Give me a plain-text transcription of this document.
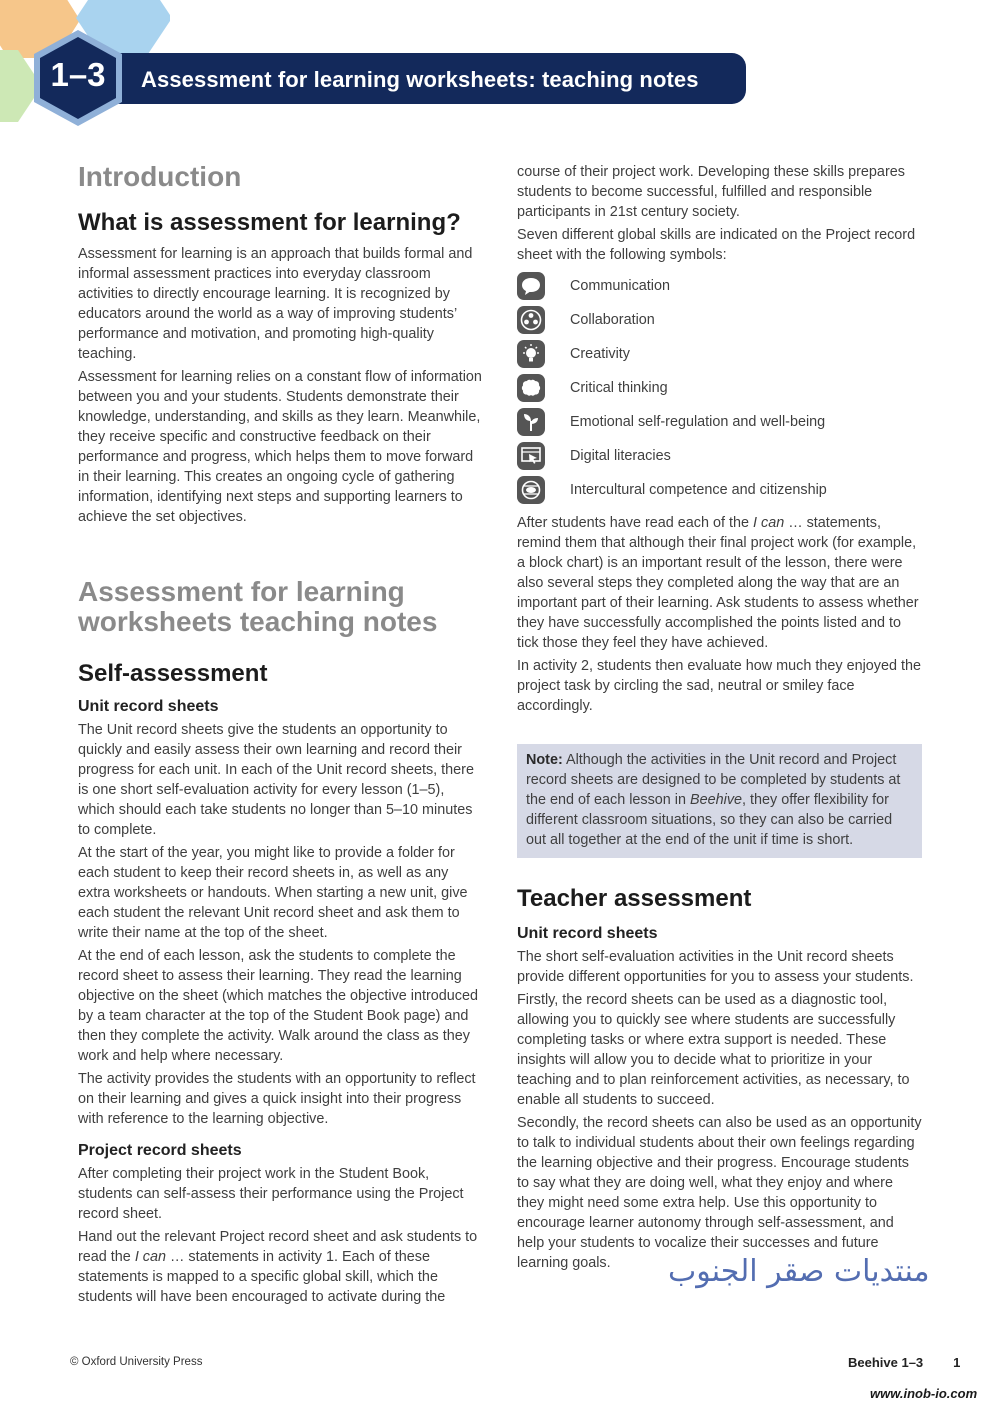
Assessment for learning worksheets: teaching notes
1–3
Introduction
What is assessment for learning?

Assessment for learning is an approach that builds formal and informal assessment practices into everyday classroom activities to directly encourage learning. It is recognized by educators around the world as a way of improving students’ performance and motivation, and promoting high-quality teaching.

Assessment for learning relies on a constant flow of information between you and your students. Students demonstrate their knowledge, understanding, and skills as they learn. Meanwhile, they receive specific and constructive feedback on their performance and progress, which helps them to move forward in their learning. This creates an ongoing cycle of gathering information, identifying next steps and supporting learners to achieve the set objectives.

Assessment for learning worksheets teaching notes
Self-assessment
Unit record sheets

The Unit record sheets give the students an opportunity to quickly and easily assess their own learning and record their progress for each unit. In each of the Unit record sheets, there is one short self-evaluation activity for every lesson (1–5), which should each take students no longer than 5–10 minutes to complete.

At the start of the year, you might like to provide a folder for each student to keep their record sheets in, as well as any extra worksheets or handouts. When starting a new unit, give each student the relevant Unit record sheet and ask them to write their name at the top of the sheet.

At the end of each lesson, ask the students to complete the record sheet to assess their learning. They read the learning objective on the sheet (which matches the objective introduced by a team character at the top of the Student Book page) and then they complete the activity. Walk around the class as they work and help where necessary.

The activity provides the students with an opportunity to reflect on their learning and gives a quick insight into their progress with reference to the learning objective.

Project record sheets

After completing their project work in the Student Book, students can self-assess their performance using the Project record sheet.

Hand out the relevant Project record sheet and ask students to read the I can … statements in activity 1. Each of these statements is mapped to a specific global skill, which the students will have been encouraged to activate during the

course of their project work. Developing these skills prepares students to become successful, fulfilled and responsible participants in 21st century society.

Seven different global skills are indicated on the Project record sheet with the following symbols:

Communication
Collaboration
Creativity
Critical thinking
Emotional self-regulation and well-being
Digital literacies
Intercultural competence and citizenship

After students have read each of the I can … statements, remind them that although their final project work (for example, a block chart) is an important result of the lesson, there were also several steps they completed along the way that are an important part of their learning. Ask students to assess whether they have successfully accomplished the points listed and to tick those they feel they have achieved.

In activity 2, students then evaluate how much they enjoyed the project task by circling the sad, neutral or smiley face accordingly.

Note: Although the activities in the Unit record and Project record sheets are designed to be completed by students at the end of each lesson in Beehive, they offer flexibility for different classroom situations, so they can also be carried out all together at the end of the unit if time is short.

Teacher assessment
Unit record sheets

The short self-evaluation activities in the Unit record sheets provide different opportunities for you to assess your students.

Firstly, the record sheets can be used as a diagnostic tool, allowing you to quickly see where students are successfully completing tasks or where extra support is needed. These insights will allow you to decide what to prioritize in your teaching and to plan reinforcement activities, as necessary, to enable all students to succeed.

Secondly, the record sheets can also be used as an opportunity to talk to individual students about their own feelings regarding the learning objective and their progress. Encourage students to say what they are doing well, what they enjoy and where they might need some extra help. Use this opportunity to encourage learner autonomy through self-assessment, and help your students to vocalize their successes and future learning goals.	منتديات صقر الجنوب
© Oxford University Press	Beehive 1–3 1
www.inob-io.com
